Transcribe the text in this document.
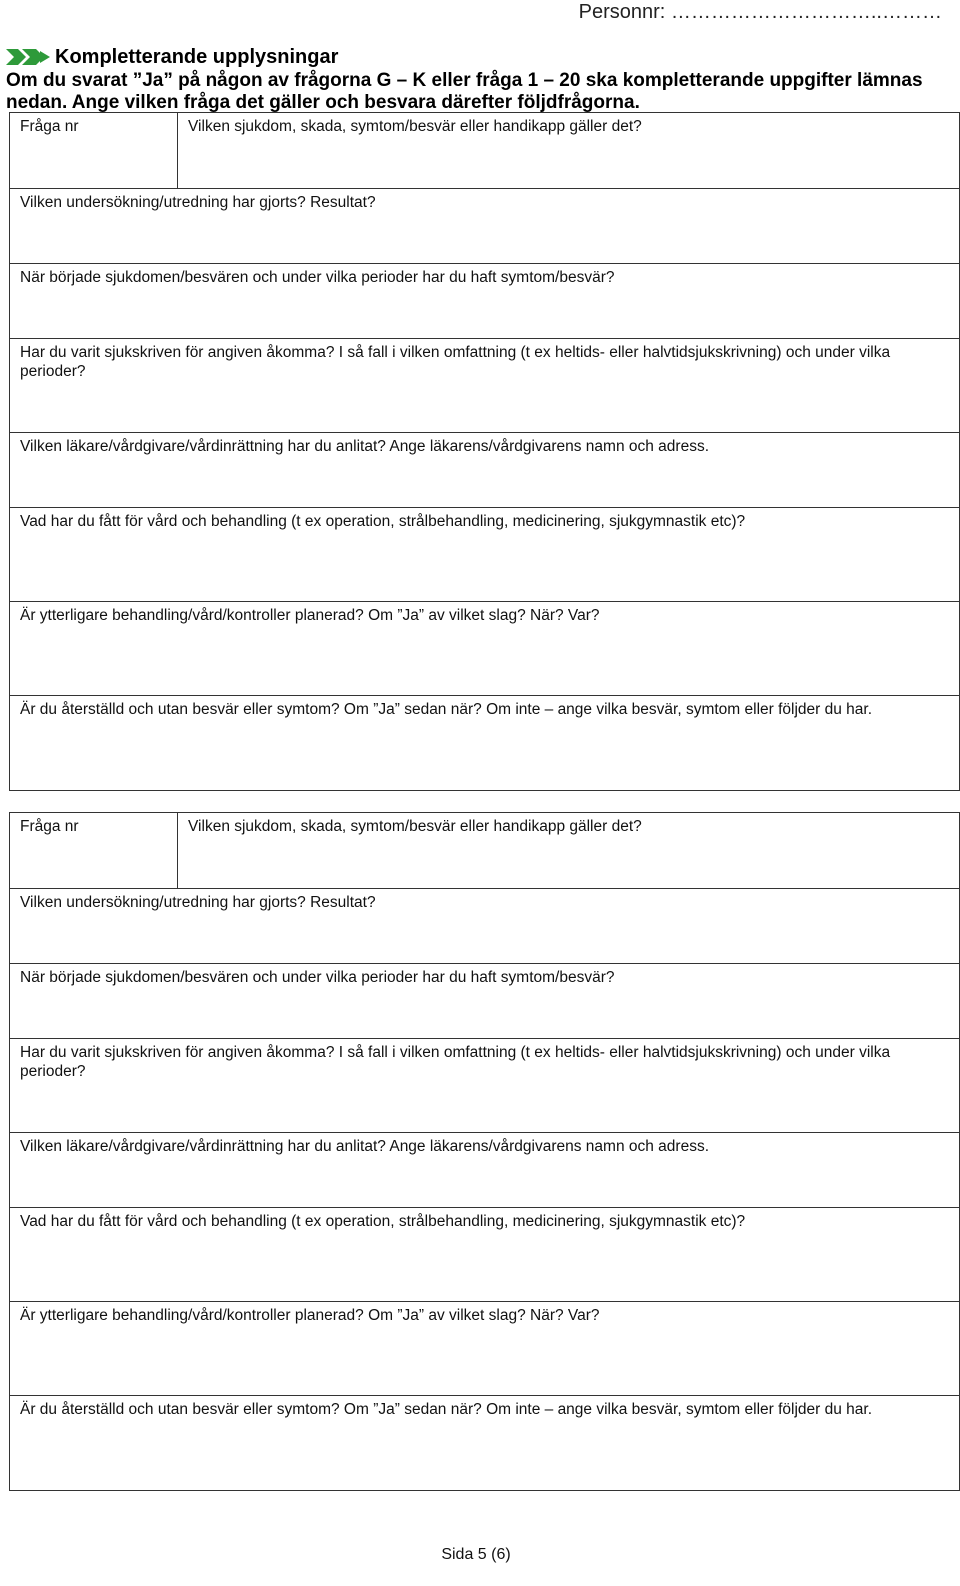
Personnr: …………………………..………
Kompletterande upplysningar
Om du svarat ”Ja” på någon av frågorna G – K eller fråga 1 – 20 ska kompletterande uppgifter lämnas
nedan. Ange vilken fråga det gäller och besvara därefter följdfrågorna.
Fråga nr	Vilken sjukdom, skada, symtom/besvär eller handikapp gäller det?
Vilken undersökning/utredning har gjorts? Resultat?
När började sjukdomen/besvären och under vilka perioder har du haft symtom/besvär?
Har du varit sjukskriven för angiven åkomma? I så fall i vilken omfattning (t ex heltids- eller halvtidsjukskrivning) och under vilka perioder?
Vilken läkare/vårdgivare/vårdinrättning har du anlitat? Ange läkarens/vårdgivarens namn och adress.
Vad har du fått för vård och behandling (t ex operation, strålbehandling, medicinering, sjukgymnastik etc)?
Är ytterligare behandling/vård/kontroller planerad? Om ”Ja” av vilket slag? När? Var?
Är du återställd och utan besvär eller symtom? Om ”Ja” sedan när? Om inte – ange vilka besvär, symtom eller följder du har.
Fråga nr	Vilken sjukdom, skada, symtom/besvär eller handikapp gäller det?
Vilken undersökning/utredning har gjorts? Resultat?
När började sjukdomen/besvären och under vilka perioder har du haft symtom/besvär?
Har du varit sjukskriven för angiven åkomma? I så fall i vilken omfattning (t ex heltids- eller halvtidsjukskrivning) och under vilka perioder?
Vilken läkare/vårdgivare/vårdinrättning har du anlitat? Ange läkarens/vårdgivarens namn och adress.
Vad har du fått för vård och behandling (t ex operation, strålbehandling, medicinering, sjukgymnastik etc)?
Är ytterligare behandling/vård/kontroller planerad? Om ”Ja” av vilket slag? När? Var?
Är du återställd och utan besvär eller symtom? Om ”Ja” sedan när? Om inte – ange vilka besvär, symtom eller följder du har.
Sida 5 (6)
